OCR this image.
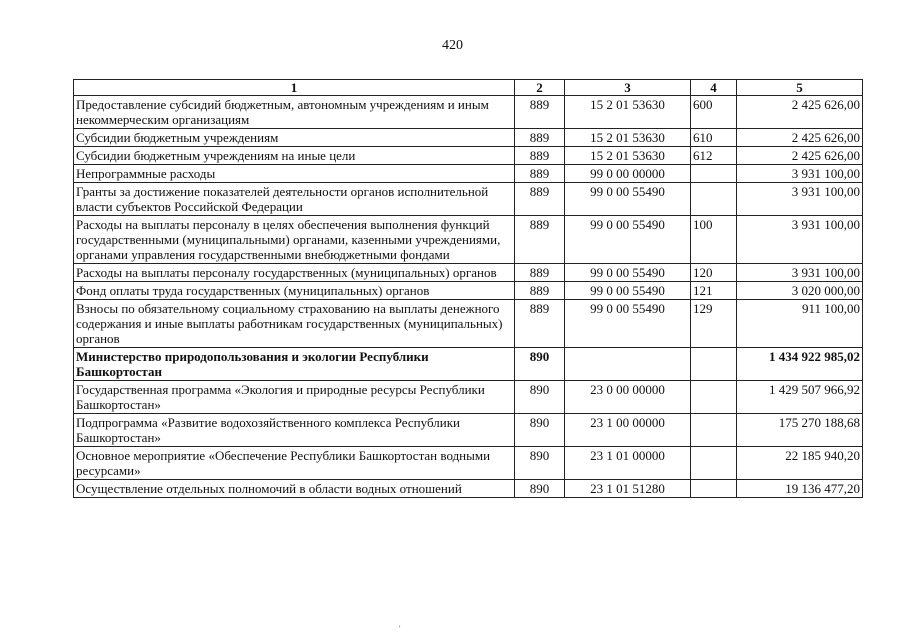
420
1	2	3	4	5
Предоставление субсидий бюджетным, автономным учреждениям и иным некоммерческим организациям	889	15 2 01 53630	600	2 425 626,00
Субсидии бюджетным учреждениям	889	15 2 01 53630	610	2 425 626,00
Субсидии бюджетным учреждениям на иные цели	889	15 2 01 53630	612	2 425 626,00
Непрограммные расходы	889	99 0 00 00000		3 931 100,00
Гранты за достижение показателей деятельности органов исполнительной власти субъектов Российской Федерации	889	99 0 00 55490		3 931 100,00
Расходы на выплаты персоналу в целях обеспечения выполнения функций государственными (муниципальными) органами, казенными учреждениями, органами управления государственными внебюджетными фондами	889	99 0 00 55490	100	3 931 100,00
Расходы на выплаты персоналу государственных (муниципальных) органов	889	99 0 00 55490	120	3 931 100,00
Фонд оплаты труда государственных (муниципальных) органов	889	99 0 00 55490	121	3 020 000,00
Взносы по обязательному социальному страхованию на выплаты денежного содержания и иные выплаты работникам государственных (муниципальных) органов	889	99 0 00 55490	129	911 100,00
Министерство природопользования и экологии Республики Башкортостан	890			1 434 922 985,02
Государственная программа «Экология и природные ресурсы Республики Башкортостан»	890	23 0 00 00000		1 429 507 966,92
Подпрограмма «Развитие водохозяйственного комплекса Республики Башкортостан»	890	23 1 00 00000		175 270 188,68
Основное мероприятие «Обеспечение Республики Башкортостан водными ресурсами»	890	23 1 01 00000		22 185 940,20
Осуществление отдельных полномочий в области водных отношений	890	23 1 01 51280		19 136 477,20
'
